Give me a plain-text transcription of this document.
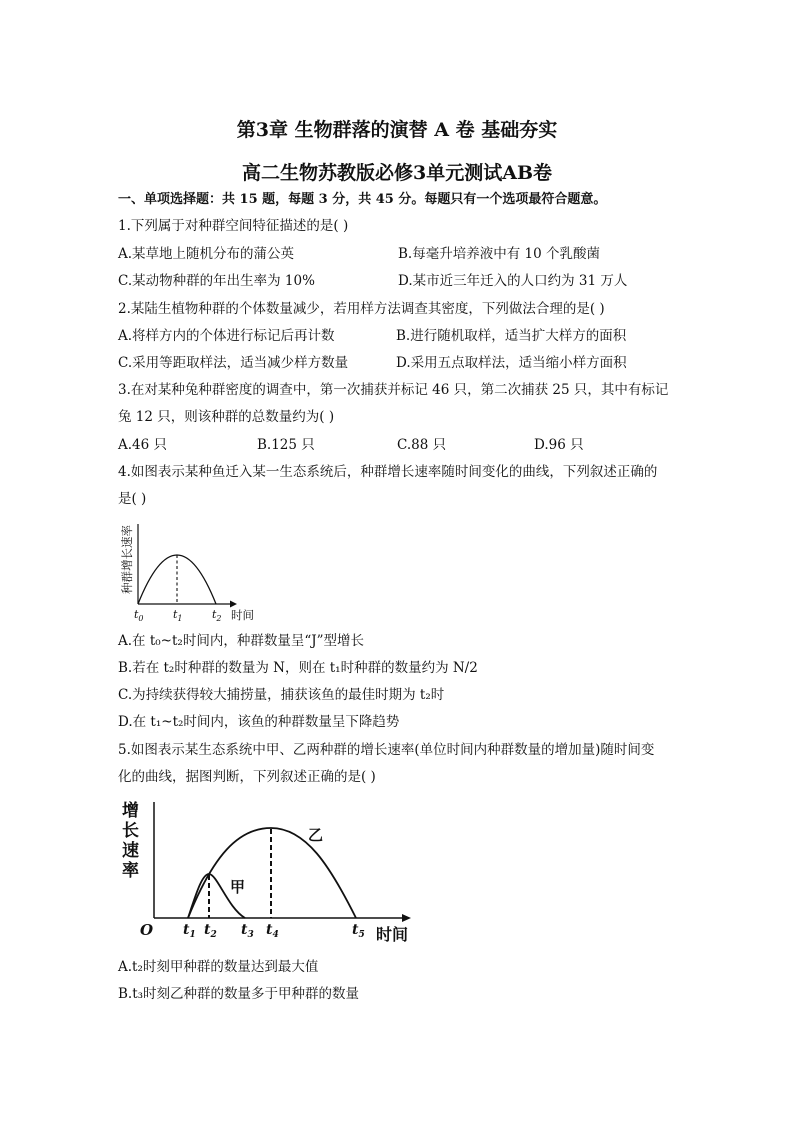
第3章 生物群落的演替 A 卷 基础夯实
高二生物苏教版必修3单元测试AB卷
一、单项选择题：共 15 题，每题 3 分，共 45 分。每题只有一个选项最符合题意。
1.下列属于对种群空间特征描述的是( )
A.某草地上随机分布的蒲公英	B.每毫升培养液中有 10 个乳酸菌
C.某动物种群的年出生率为 10%	D.某市近三年迁入的人口约为 31 万人
2.某陆生植物种群的个体数量减少，若用样方法调查其密度，下列做法合理的是( )
A.将样方内的个体进行标记后再计数	B.进行随机取样，适当扩大样方的面积
C.采用等距取样法，适当减少样方数量	D.采用五点取样法，适当缩小样方面积
3.在对某种兔种群密度的调查中，第一次捕获并标记 46 只，第二次捕获 25 只，其中有标记
兔 12 只，则该种群的总数量约为( )
A.46 只	B.125 只	C.88 只	D.96 只
4.如图表示某种鱼迁入某一生态系统后，种群增长速率随时间变化的曲线，下列叙述正确的
是( )
种群增长速率
$t_0$	$t_1$	$t_2$ 时间
A.在 t₀~t₂时间内，种群数量呈“J”型增长
B.若在 t₂时种群的数量为 N，则在 t₁时种群的数量约为 N/2
C.为持续获得较大捕捞量，捕获该鱼的最佳时期为 t₂时
D.在 t₁~t₂时间内，该鱼的种群数量呈下降趋势
5.如图表示某生态系统中甲、乙两种群的增长速率(单位时间内种群数量的增加量)随时间变
化的曲线，据图判断，下列叙述正确的是( )
增
长
速
率
O
甲
乙
$t_1$ $t_2$ $t_3$ $t_4$	$t_5$ 时间
A.t₂时刻甲种群的数量达到最大值
B.t₃时刻乙种群的数量多于甲种群的数量
